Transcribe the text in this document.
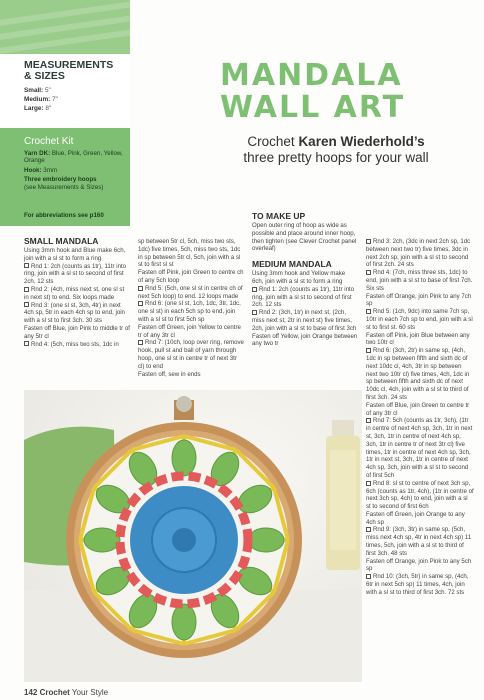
MEASUREMENTS
& SIZES
Small: 5"
Medium: 7"
Large: 8"
Crochet Kit
Yarn DK: Blue, Pink, Green, Yellow, Orange
Hook: 3mm
Three embroidery hoops
(see Measurements & Sizes)
For abbreviations see p160
MANDALA
WALL ART
Crochet Karen Wiederhold’s
three pretty hoops for your wall
SMALL MANDALA

Using 3mm hook and Blue make 6ch, join with a sl st to form a ring

Rnd 1: 2ch (counts as 1tr), 11tr into ring, join with a sl st to second of first 2ch. 12 sts

Rnd 2: (4ch, miss next st, one sl st in next st) to end. Six loops made

Rnd 3: (one sl st, 3ch, 4tr) in next 4ch sp, 5tr in each 4ch sp to end, join with a sl st to first 3ch. 30 sts

Fasten off Blue, join Pink to middle tr of any 5tr cl

Rnd 4: (5ch, miss two sts, 1dc in

sp between 5tr cl, 5ch, miss two sts, 1dc) five times, 5ch, miss two sts, 1dc in sp between 5tr cl, 5ch, join with a sl st to first sl st

Fasten off Pink, join Green to centre ch of any 5ch loop

Rnd 5: (5ch, one sl st in centre ch of next 5ch loop) to end. 12 loops made

Rnd 6: (one sl st, 1ch, 1dc, 3tr, 1dc, one sl st) in each 5ch sp to end, join with a sl st to first 5ch sp

Fasten off Green, join Yellow to centre tr of any 3tr cl

Rnd 7: (10ch, loop over ring, remove hook, pull st and ball of yarn through hoop, one sl st in centre tr of next 3tr cl) to end

Fasten off, sew in ends

TO MAKE UP

Open outer ring of hoop as wide as possible and place around inner hoop, then tighten (see Clever Crochet panel overleaf)

MEDIUM MANDALA

Using 3mm hook and Yellow make 6ch, join with a sl st to form a ring

Rnd 1: 2ch (counts as 1tr), 11tr into ring, join with a sl st to second of first 2ch. 12 sts

Rnd 2: (3ch, 1tr) in next st, (2ch, miss next st, 2tr in next st) five times, 2ch, join with a sl st to base of first 3ch

Fasten off Yellow, join Orange between any two tr

Rnd 3: 2ch, (3dc in next 2ch sp, 1dc between next two tr) five times, 3dc in next 2ch sp, join with a sl st to second of first 2ch. 24 sts

Rnd 4: (7ch, miss three sts, 1dc) to end, join with a sl st to base of first 7ch. Six sts

Fasten off Orange, join Pink to any 7ch sp

Rnd 5: (1ch, 9dc) into same 7ch sp, 10tr in each 7ch sp to end, join with a sl st to first st. 60 sts

Fasten off Pink, join Blue between any two 10tr cl

Rnd 6: (3ch, 2tr) in same sp, (4ch, 1dc in sp between fifth and sixth dc of next 10dc cl, 4ch, 3tr in sp between next two 10tr cl) five times, 4ch, 1dc in sp between fifth and sixth dc of next 10dc cl, 4ch, join with a sl st to third of first 3ch. 24 sts

Fasten off Blue, join Green to centre tr of any 3tr cl

Rnd 7: 5ch (counts as 1tr, 3ch), (1tr in centre of next 4ch sp, 3ch, 1tr in next st, 3ch, 1tr in centre of next 4ch sp, 3ch, 1tr in centre tr of next 3tr cl) five times, 1tr in centre of next 4ch sp, 3ch, 1tr in next st, 3ch, 1tr in centre of next 4ch sp, 3ch, join with a sl st to second of first 5ch

Rnd 8: sl st to centre of next 3ch sp, 6ch (counts as 1tr, 4ch), (1tr in centre of next 3ch sp, 4ch) to end, join with a sl st to second of first 6ch

Fasten off Green, join Orange to any 4ch sp

Rnd 9: (3ch, 3tr) in same sp, (5ch, miss next 4ch sp, 4tr in next 4ch sp) 11 times, 5ch, join with a sl st to third of first 3ch. 48 sts

Fasten off Orange, join Pink to any 5ch sp

Rnd 10: (3ch, 5tr) in same sp, (4ch, 6tr in next 5ch sp) 11 times, 4ch, join with a sl st to third of first 3ch. 72 sts

142 Crochet Your Style
